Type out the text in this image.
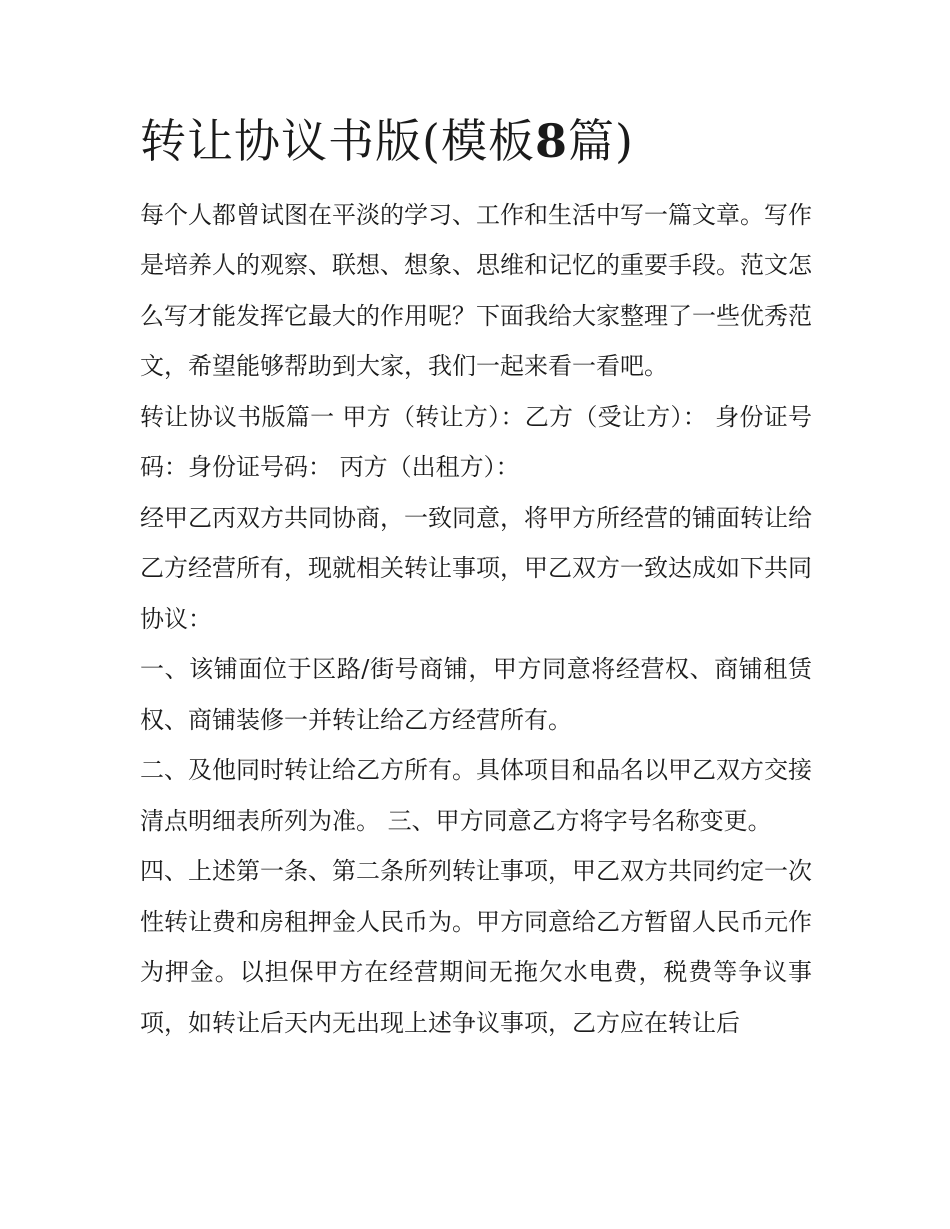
转让协议书版(模板8篇)

每个人都曾试图在平淡的学习、工作和生活中写一篇文章。写作是培养人的观察、联想、想象、思维和记忆的重要手段。范文怎么写才能发挥它最大的作用呢？下面我给大家整理了一些优秀范文，希望能够帮助到大家，我们一起来看一看吧。

转让协议书版篇一 甲方（转让方）：乙方（受让方）： 身份证号码：身份证号码： 丙方（出租方）：

经甲乙丙双方共同协商，一致同意，将甲方所经营的铺面转让给乙方经营所有，现就相关转让事项，甲乙双方一致达成如下共同协议：

一、该铺面位于区路/街号商铺，甲方同意将经营权、商铺租赁权、商铺装修一并转让给乙方经营所有。

二、及他同时转让给乙方所有。具体项目和品名以甲乙双方交接清点明细表所列为准。 三、甲方同意乙方将字号名称变更。

四、上述第一条、第二条所列转让事项，甲乙双方共同约定一次性转让费和房租押金人民币为。甲方同意给乙方暂留人民币元作为押金。以担保甲方在经营期间无拖欠水电费，税费等争议事项，如转让后天内无出现上述争议事项，乙方应在转让后
